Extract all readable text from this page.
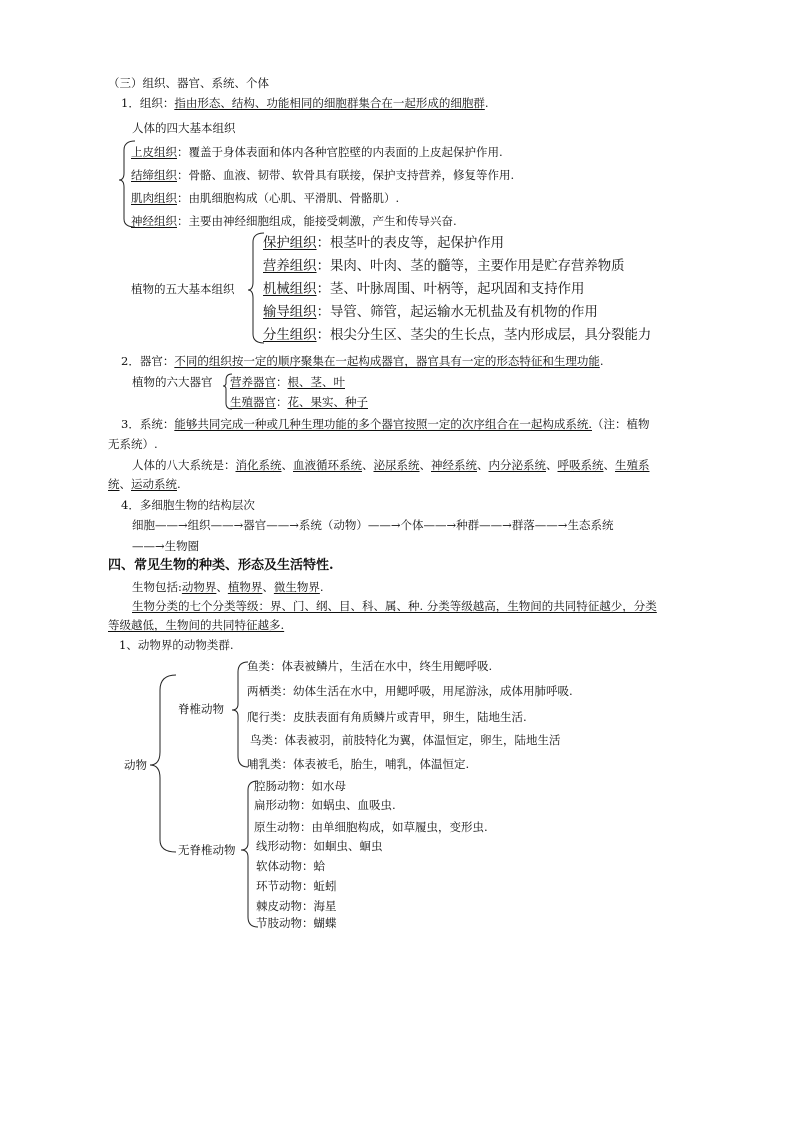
（三）组织、器官、系统、个体
1．组织：指由形态、结构、功能相同的细胞群集合在一起形成的细胞群.
人体的四大基本组织
上皮组织：覆盖于身体表面和体内各种官腔壁的内表面的上皮起保护作用.
结缔组织：骨骼、血液、韧带、软骨具有联接，保护支持营养，修复等作用.
肌肉组织：由肌细胞构成（心肌、平滑肌、骨骼肌）.
神经组织：主要由神经细胞组成，能接受刺激，产生和传导兴奋.
植物的五大基本组织
保护组织：根茎叶的表皮等，起保护作用
营养组织：果肉、叶肉、茎的髓等，主要作用是贮存营养物质
机械组织：茎、叶脉周围、叶柄等，起巩固和支持作用
输导组织：导管、筛管，起运输水无机盐及有机物的作用
分生组织：根尖分生区、茎尖的生长点，茎内形成层，具分裂能力
2．器官：不同的组织按一定的顺序聚集在一起构成器官，器官具有一定的形态特征和生理功能.
植物的六大器官 营养器官：根、茎、叶
生殖器官：花、果实、种子
3．系统：能够共同完成一种或几种生理功能的多个器官按照一定的次序组合在一起构成系统.（注：植物
无系统）.
人体的八大系统是：消化系统、血液循环系统、泌尿系统、神经系统、内分泌系统、呼吸系统、生殖系
统、运动系统.
4．多细胞生物的结构层次
细胞——→组织——→器官——→系统（动物）——→个体——→种群——→群落——→生态系统
——→生物圈
四、常见生物的种类、形态及生活特性.
生物包括:动物界、植物界、微生物界.
生物分类的七个分类等级：界、门、纲、目、科、属、种. 分类等级越高，生物间的共同特征越少，分类
等级越低，生物间的共同特征越多.
1、动物界的动物类群.
动物
脊椎动物
无脊椎动物
鱼类：体表被鳞片，生活在水中，终生用鳃呼吸.
两栖类：幼体生活在水中，用鳃呼吸，用尾游泳，成体用肺呼吸.
爬行类：皮肤表面有角质鳞片或青甲，卵生，陆地生活.
鸟类：体表被羽，前肢特化为翼，体温恒定，卵生，陆地生活
哺乳类：体表被毛，胎生，哺乳，体温恒定.
腔肠动物：如水母
扁形动物：如蜗虫、血吸虫.
原生动物：由单细胞构成，如草履虫，变形虫.
线形动物：如蛔虫、蛔虫
软体动物：蛤
环节动物：蚯蚓
棘皮动物：海星
节肢动物：蝴蝶
